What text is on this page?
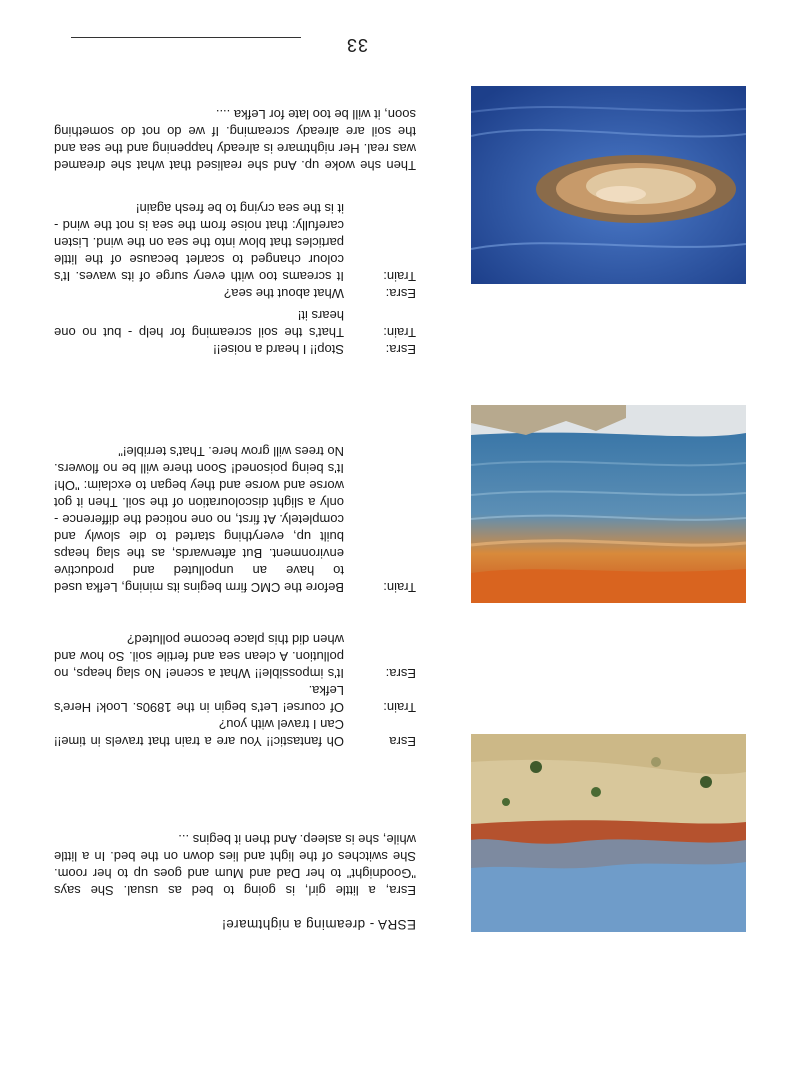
ESRA - dreaming a nightmare!
Esra, a little girl, is going to bed as usual. She says "Goodnight" to her Dad and Mum and goes up to her room. She switches of the light and lies down on the bed. In a little while, she is asleep. And then it begins ...
Esra
Oh fantastic!! You are a train that travels in time!! Can I travel with you?
Train:
Of course! Let's begin in the 1890s. Look! Here's Lefka.
Esra:
It's impossible!! What a scene! No slag heaps, no pollution. A clean sea and fertile soil. So how and when did this place become polluted?
Train:
Before the CMC firm begins its mining, Lefka used to have an unpolluted and productive environment. But afterwards, as the slag heaps built up, everything started to die slowly and completely. At first, no one noticed the difference - only a slight discolouration of the soil. Then it got worse and worse and they began to exclaim: "Oh! It's being poisoned! Soon there will be no flowers. No trees will grow here. That's terrible!"
Esra:
Stop!! I heard a noise!!
Train:
That's the soil screaming for help - but no one hears it!
Esra:
What about the sea?
Train:
It screams too with every surge of its waves. It's colour changed to scarlet because of the little particles that blow into the sea on the wind. Listen carefully: that noise from the sea is not the wind - it is the sea crying to be fresh again!
Then she woke up. And she realised that what she dreamed was real. Her nightmare is already happening and the sea and the soil are already screaming. If we do not do something soon, it will be too late for Lefka ....
33
